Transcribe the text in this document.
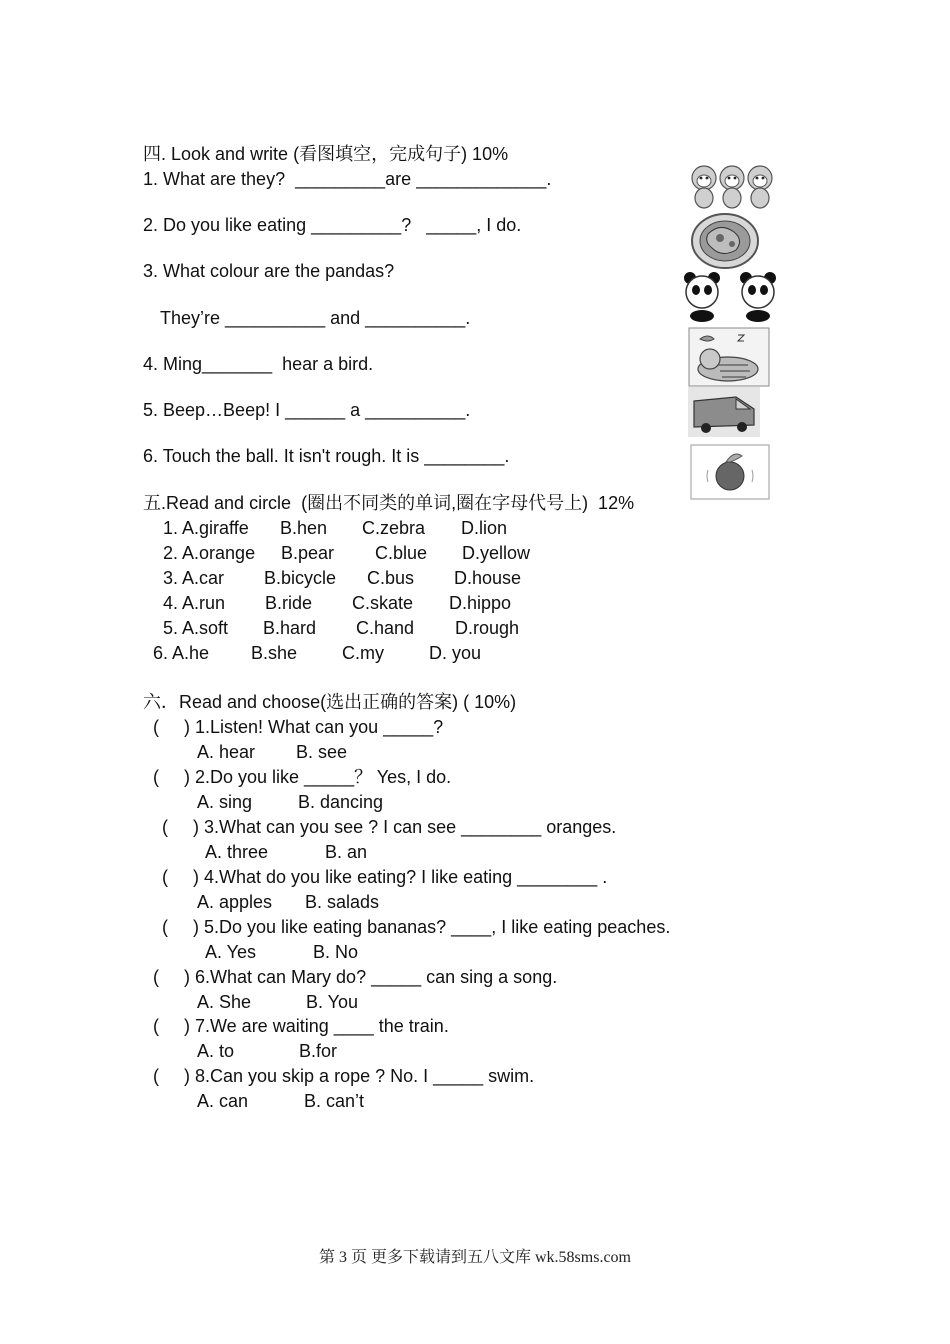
四. Look and write (看图填空，完成句子) 10%
1. What are they?  _________are _____________.
2. Do you like eating _________?   _____, I do.
3. What colour are the pandas?
They’re __________ and __________.
4. Ming_______  hear a bird.
5. Beep…Beep! I ______ a __________.
6. Touch the ball. It isn't rough. It is ________.
五.Read and circle  (圈出不同类的单词,圈在字母代号上)  12%
1. A.giraffe B.hen C.zebra D.lion
2. A.orange B.pear C.blue D.yellow
3. A.car B.bicycle C.bus D.house
4. A.run B.ride C.skate D.hippo
5. A.soft B.hard C.hand D.rough
6. A.he B.she C.my	D. you
六．Read and choose(选出正确的答案) ( 10%)
(     ) 1.Listen! What can you _____?
A. hear B. see
(     ) 2.Do you like _____？ Yes, I do.
A. sing	B. dancing
(     ) 3.What can you see ? I can see ________ oranges.
A. three	B. an
(     ) 4.What do you like eating? I like eating ________ .
A. apples B. salads
(     ) 5.Do you like eating bananas? ____, I like eating peaches.
A. Yes	B. No
(     ) 6.What can Mary do? _____ can sing a song.
A. She	B. You
(     ) 7.We are waiting ____ the train.
A. to	B.for
(     ) 8.Can you skip a rope ? No. I _____ swim.
A. can	B. can’t
第 3 页 更多下载请到五八文库 wk.58sms.com
